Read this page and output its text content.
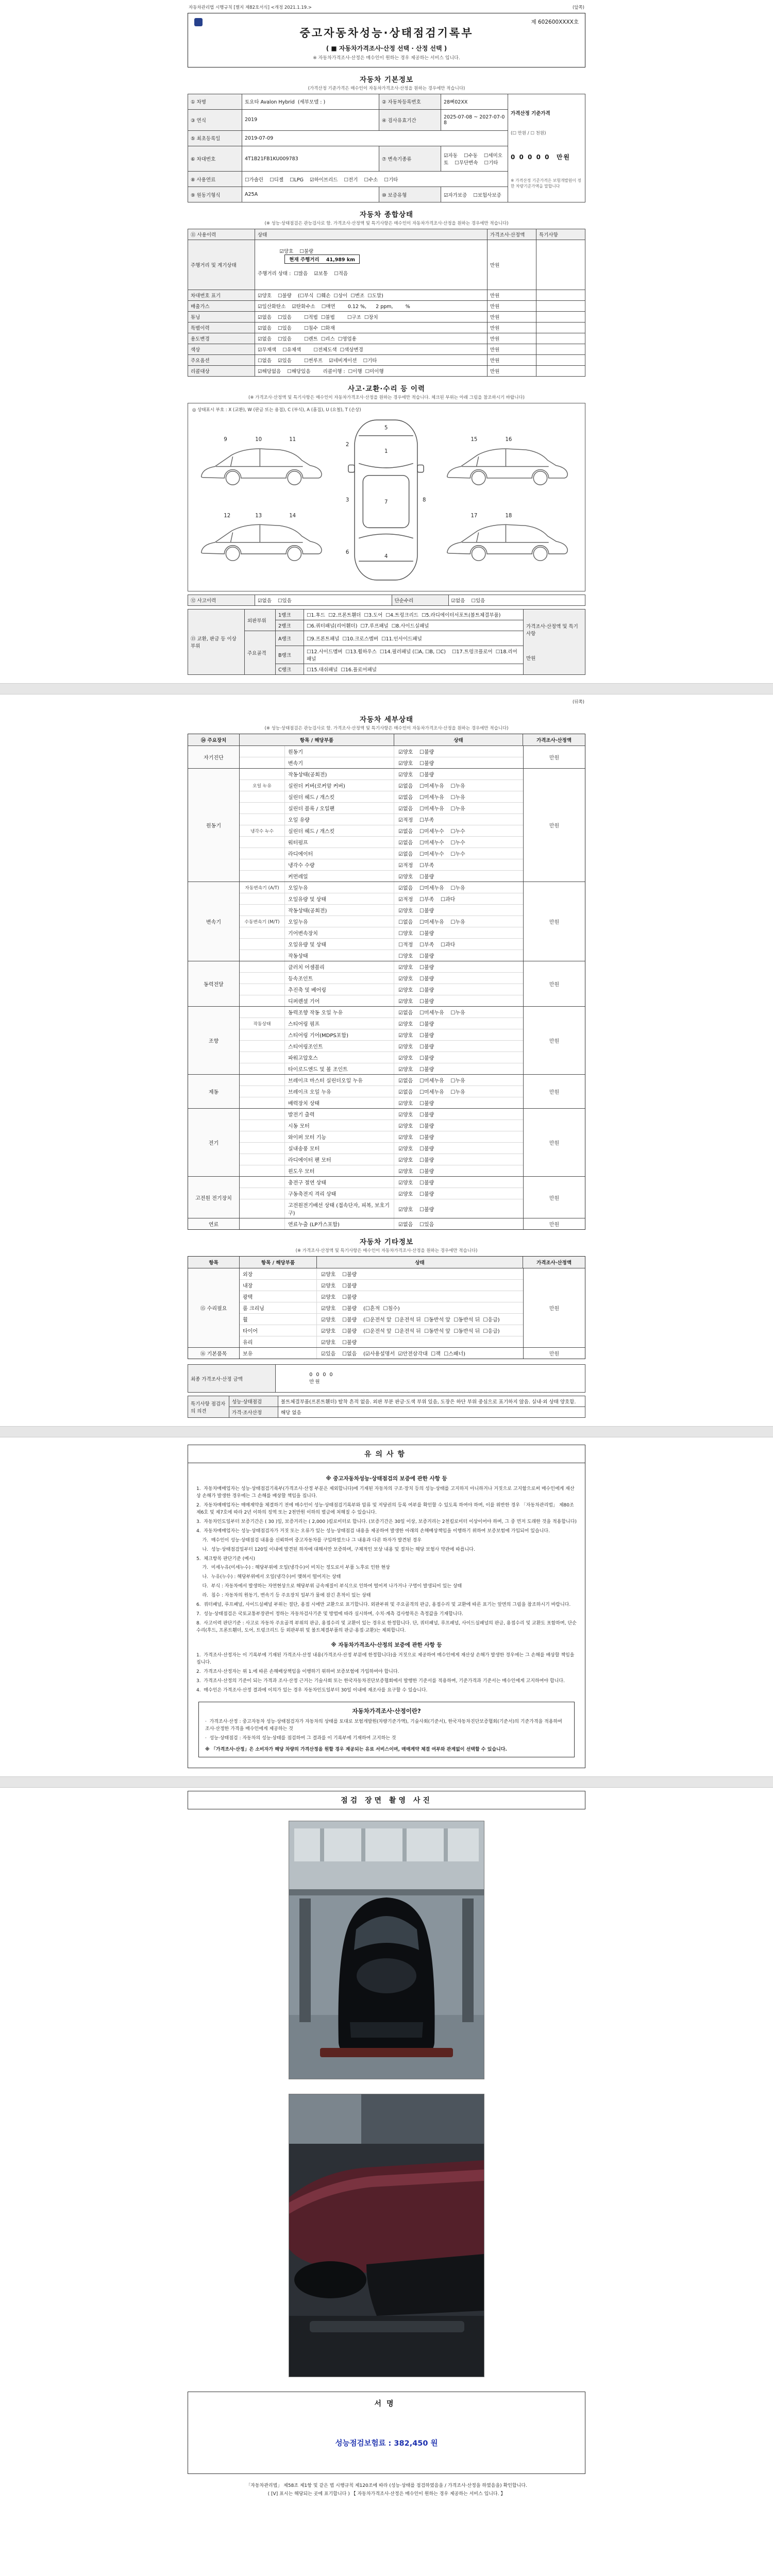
자동차관리법 시행규칙 [별지 제82호서식] <개정 2021.1.19.>	(앞쪽)
제 602600XXXX호
중고자동차성능·상태점검기록부
( ■ 자동차가격조사·산정 선택 · 산정 선택 )
※ 자동차가격조사·산정은 매수인이 원하는 경우 제공하는 서비스 입니다.
자동차 기본정보
(가격산정 기준가격은 매수인이 자동차가격조사·산정을 원하는 경우에만 적습니다)
① 차명	토요타 Avalon Hybrid  (세부모델 : )	② 자동차등록번호	28뻐02XX	가격산정 기준가격

(☐ 만원 / ☐ 천원)

0 0 0 0 0  만원

※ 가격산정 기준가격은 보험개발원이 정한 차량기준가액을 말합니다

③ 연식	2019	④ 검사유효기간	2025-07-08 ~ 2027-07-08	
⑤ 최초등록일	2019-07-09			
⑥ 차대번호	4T1B21FB1KU009783	⑦ 변속기종류	☑자동    ☐수동    ☐세미오토    ☐무단변속    ☐기타	
⑧ 사용연료	☐가솔린    ☐디젤    ☐LPG    ☑하이브리드    ☐전기    ☐수소    ☐기타			
⑨ 원동기형식	A25A	⑩ 보증유형	☑자가보증    ☐보험사보증	
자동차 종합상태
(※ 성능·상태점검은 관능검사로 함. 가격조사·산정액 및 특기사항은 매수인이 자동차가격조사·산정을 원하는 경우에만 적습니다)
⑪ 사용이력	상태	가격조사·산정액	특기사항
주행거리 및 계기상태	☑양호    ☐불량
현재 주행거리    41,989 km

주행거리 상태 :  ☐많음    ☑보통    ☐적음	만원	
차대번호 표기	☑양호    ☐불량    (☐부식  ☐훼손  ☐상이  ☐변조  ☐도말)	만원	
배출가스	☑일산화탄소    ☑탄화수소    ☐매연        0.12 %,      2 ppm,        %	만원	
튜닝	☑없음    ☐있음        ☐적법  ☐불법        ☐구조  ☐장치	만원	
특별이력	☑없음    ☐있음        ☐침수  ☐화재	만원	
용도변경	☑없음    ☐있음        ☐렌트  ☐리스  ☐영업용	만원	
색상	☑무채색    ☐유채색        ☐전체도색  ☐색상변경	만원	
주요옵션	☐없음    ☑있음        ☐썬루프    ☑네비게이션    ☐기타	만원	
리콜대상	☑해당없음    ☐해당있음        리콜이행 :  ☐이행  ☐미이행	만원	
사고·교환·수리 등 이력
(※ 가격조사·산정액 및 특기사항은 매수인이 자동차가격조사·산정을 원하는 경우에만 적습니다. 체크된 부위는 아래 그림을 참조하시기 바랍니다)
◎ 상태표시 부호 : X (교환), W (판금 또는 용접), C (부식), A (흠집), U (요철), T (손상)
5
1
7
4
2
3
6
8
9	10	11
12	13	14
15	16
17	18
⑫ 사고이력	☑없음    ☐있음	단순수리	☑없음    ☐있음
⑬ 교환, 판금 등 이상 부위	외판부위	1랭크	☐1.후드  ☐2.프론트휀더  ☐3.도어  ☐4.트렁크리드  ☐5.라디에이터서포트(볼트체결부품)	가격조사·산정액 및 특기사항

만원

		2랭크	☐6.쿼터패널(리어휀더)  ☐7.루프패널  ☐8.사이드실패널	
	주요골격	A랭크	☐9.프론트패널  ☐10.크로스멤버  ☐11.인사이드패널	
		B랭크	☐12.사이드멤버  ☐13.휠하우스  ☐14.필러패널 (☐A, ☐B, ☐C)    ☐17.트렁크플로어  ☐18.리어패널	
		C랭크	☐15.대쉬패널  ☐16.플로어패널	
(뒤쪽)
자동차 세부상태
(※ 성능·상태점검은 관능검사로 함. 가격조사·산정액 및 특기사항은 매수인이 자동차가격조사·산정을 원하는 경우에만 적습니다)
⑭ 주요장치	항목 / 해당부품	상태	가격조사·산정액
자기진단
원동기	☑양호    ☐불량
변속기	☑양호    ☐불량
만원
원동기
작동상태(공회전)	☑양호    ☐불량
오일 누유	실린더 커버(로커암 커버)	☑없음    ☐미세누유    ☐누유
실린더 헤드 / 개스킷	☑없음    ☐미세누유    ☐누유
실린더 블록 / 오일팬	☑없음    ☐미세누유    ☐누유
오일 유량	☑적정    ☐부족
냉각수 누수	실린더 헤드 / 개스킷	☑없음    ☐미세누수    ☐누수
워터펌프	☑없음    ☐미세누수    ☐누수
라디에이터	☑없음    ☐미세누수    ☐누수
냉각수 수량	☑적정    ☐부족
커먼레일	☑양호    ☐불량
만원
변속기
자동변속기 (A/T)	오일누유	☑없음    ☐미세누유    ☐누유
오일유량 및 상태	☑적정    ☐부족    ☐과다
작동상태(공회전)	☑양호    ☐불량
수동변속기 (M/T)	오일누유	☐없음    ☐미세누유    ☐누유
기어변속장치	☐양호    ☐불량
오일유량 및 상태	☐적정    ☐부족    ☐과다
작동상태	☐양호    ☐불량
만원
동력전달
클러치 어셈블리	☑양호    ☐불량
등속조인트	☑양호    ☐불량
추진축 및 베어링	☑양호    ☐불량
디퍼렌셜 기어	☑양호    ☐불량
만원
조향
동력조향 작동 오일 누유	☑없음    ☐미세누유    ☐누유
작동상태	스티어링 펌프	☑양호    ☐불량
스티어링 기어(MDPS포함)	☑양호    ☐불량
스티어링조인트	☑양호    ☐불량
파워고압호스	☑양호    ☐불량
타이로드엔드 및 볼 조인트	☑양호    ☐불량
만원
제동
브레이크 마스터 실린더오일 누유	☑없음    ☐미세누유    ☐누유
브레이크 오일 누유	☑없음    ☐미세누유    ☐누유
배력장치 상태	☑양호    ☐불량
만원
전기
발전기 출력	☑양호    ☐불량
시동 모터	☑양호    ☐불량
와이퍼 모터 기능	☑양호    ☐불량
실내송풍 모터	☑양호    ☐불량
라디에이터 팬 모터	☑양호    ☐불량
윈도우 모터	☑양호    ☐불량
만원
고전원 전기장치
충전구 절연 상태	☑양호    ☐불량
구동축전지 격리 상태	☑양호    ☐불량
고전원전기배선 상태 (접속단자, 피복, 보호기구)
☑양호    ☐불량
만원
연료	연료누출 (LP가스포함)	☑없음    ☐있음	만원
자동차 기타정보
(※ 가격조사·산정액 및 특기사항은 매수인이 자동차가격조사·산정을 원하는 경우에만 적습니다)
항목	항목 / 해당부품	상태	가격조사·산정액
⑮ 수리필요
외장	☑양호    ☐불량
내장	☑양호    ☐불량
광택	☑양호    ☐불량
룸 크리닝	☑양호    ☐불량    (☐흔적  ☐침수)
휠	☑양호    ☐불량    (☐운전석 앞  ☐운전석 뒤  ☐동반석 앞  ☐동반석 뒤  ☐응급)
타이어	☑양호    ☐불량    (☐운전석 앞  ☐운전석 뒤  ☐동반석 앞  ☐동반석 뒤  ☐응급)
유리	☑양호    ☐불량
만원
⑯ 기본품목	보유	☑있음    ☐없음    (☑사용설명서  ☑안전삼각대  ☐잭  ☐스패너)	만원
최종 가격조사·산정 금액	
0 0 0 0
만원

특기사항 점검자의 의견	성능·상태점검	볼트체결부품(프론트휀더) 탈착 흔적 없음. 외판 부분 판금·도색 부위 있음, 도장은 하단 부위 중심으로 표기하지 않음. 실내·외 상태 양호함.
	가격·조사산정	해당 없음
유의사항
※ 중고자동차성능·상태점검의 보증에 관한 사항 등

1.  자동차매매업자는 성능·상태점검기록부(가격조사·산정 부분은 제외합니다)에 기재된 자동차의 구조·장치 등의 성능·상태를 고지하지 아니하거나 거짓으로 고지함으로써 매수인에게 재산상 손해가 발생한 경우에는 그 손해를 배상할 책임을 집니다.

2.  자동차매매업자는 매매계약을 체결하기 전에 매수인이 성능·상태점검기록부와 압류 및 저당권의 등록 여부를 확인할 수 있도록 하여야 하며, 이를 위반한 경우 「자동차관리법」 제80조 제6호 및 제7호에 따라 2년 이하의 징역 또는 2천만원 이하의 벌금에 처해질 수 있습니다.

3.  자동차인도일부터 보증기간은 ( 30 )일, 보증거리는 ( 2,000 )킬로미터로 합니다. (보증기간은 30일 이상, 보증거리는 2천킬로미터 이상이어야 하며, 그 중 먼저 도래한 것을 적용합니다)

4.  자동차매매업자는 성능·상태점검자가 거짓 또는 오류가 있는 성능·상태점검 내용을 제공하여 발생한 아래의 손해배상책임을 이행하기 위하여 보증보험에 가입되어 있습니다.

가.  매수인이 성능·상태점검 내용을 신뢰하여 중고자동차를 구입하였으나 그 내용과 다른 하자가 발견된 경우

나.  성능·상태점검일부터 120일 이내에 발견된 하자에 대해서만 보증하며, 구체적인 보상 내용 및 절차는 해당 보험사 약관에 따릅니다.

5.  체크항목 판단기준 (예시)

가.  미세누유(미세누수) : 해당부위에 오일(냉각수)이 비치는 정도로서 부품 노후로 인한 현상

나.  누유(누수) : 해당부위에서 오일(냉각수)이 맺혀서 떨어지는 상태

다.  부식 : 자동차에서 발생하는 자연현상으로 해당부위 금속재질이 부식으로 인하여 떨어져 나가거나 구멍이 발생되어 있는 상태

라.  침수 : 자동차의 원동기, 변속기 등 주요장치 일부가 물에 잠긴 흔적이 있는 상태

6.  쿼터패널, 루프패널, 사이드실패널 부위는 절단, 용접 시에만 교환으로 표기합니다. 외판부위 및 주요골격의 판금, 용접수리 및 교환에 따른 표기는 앞면의 그림을 참조하시기 바랍니다.

7.  성능·상태점검은 국토교통부장관이 정하는 자동차검사기준 및 방법에 따라 실시하며, 수치·계측 검사항목은 측정값을 기재합니다.

8.  사고이력 판단기준 : 사고로 자동차 주요골격 부위의 판금, 용접수리 및 교환이 있는 경우로 한정합니다. 단, 쿼터패널, 루프패널, 사이드실패널의 판금, 용접수리 및 교환도 포함하며, 단순수리(후드, 프론트휀더, 도어, 트렁크리드 등 외판부위 및 볼트체결부품의 판금·용접·교환)는 제외합니다.

※ 자동차가격조사·산정의 보증에 관한 사항 등

1.  가격조사·산정자는 이 기록부에 기재된 가격조사·산정 내용(가격조사·산정 부분에 한정합니다)을 거짓으로 제공하여 매수인에게 재산상 손해가 발생한 경우에는 그 손해를 배상할 책임을 집니다.

2.  가격조사·산정자는 위 1.에 따른 손해배상책임을 이행하기 위하여 보증보험에 가입하여야 합니다.

3.  가격조사·산정의 기준이 되는 가격과 조사·산정 근거는 기술사회 또는 한국자동차진단보증협회에서 발행한 기준서를 적용하며, 기준가격과 기준서는 매수인에게 고지하여야 합니다.

4.  매수인은 가격조사·산정 결과에 이의가 있는 경우 자동차인도일부터 30일 이내에 재조사를 요구할 수 있습니다.

자동차가격조사·산정이란?

·  가격조사·산정 : 중고자동차 성능·상태점검자가 자동차의 상태를 토대로 보험개발원(차량기준가액), 기술사회(기준서), 한국자동차진단보증협회(기준서)의 기준가격을 적용하여 조사·산정한 가격을 매수인에게 제공하는 것

·  성능·상태점검 : 자동차의 성능·상태를 점검하여 그 결과를 이 기록부에 기재하여 고지하는 것

※ 「가격조사·산정」은 소비자가 해당 차량의 가격산정을 원할 경우 제공되는 유료 서비스이며, 매매계약 체결 여부와 관계없이 선택할 수 있습니다.

점검 장면 촬영 사진
서명
성능점검보험료 : 382,450 원
「자동차관리법」 제58조 제1항 및 같은 법 시행규칙 제120조에 따라 (성능·상태를 점검하였음을 / 가격조사·산정을 하였음을) 확인합니다.
( [V] 표시는 해당되는 곳에 표기합니다 ) 【 자동차가격조사·산정은 매수인이 원하는 경우 제공하는 서비스 입니다. 】
